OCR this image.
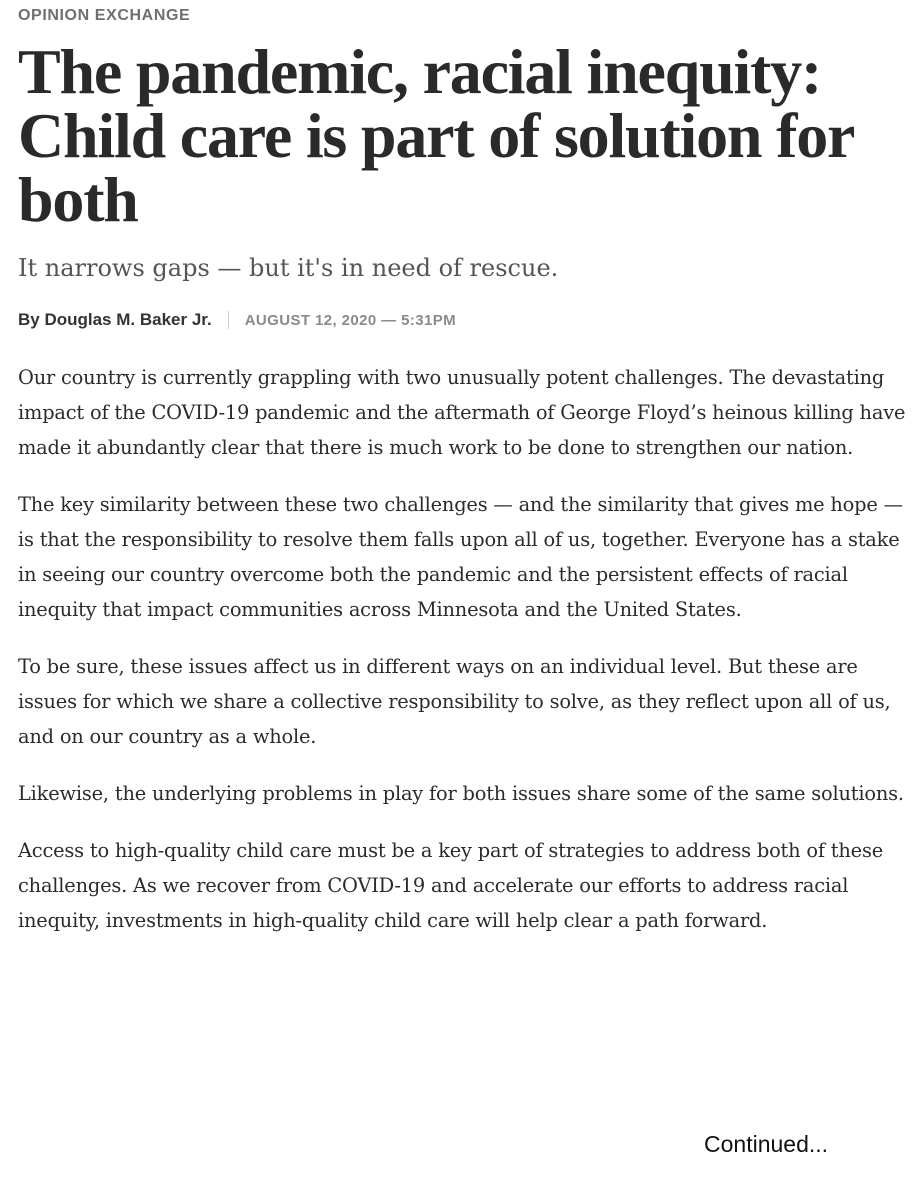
OPINION EXCHANGE
The pandemic, racial inequity: Child care is part of solution for both
It narrows gaps — but it's in need of rescue.
By Douglas M. Baker Jr. AUGUST 12, 2020 — 5:31PM

Our country is currently grappling with two unusually potent challenges. The devastating impact of the COVID-19 pandemic and the aftermath of George Floyd’s heinous killing have made it abundantly clear that there is much work to be done to strengthen our nation.

The key similarity between these two challenges — and the similarity that gives me hope — is that the responsibility to resolve them falls upon all of us, together. Everyone has a stake in seeing our country overcome both the pandemic and the persistent effects of racial inequity that impact communities across Minnesota and the United States.

To be sure, these issues affect us in different ways on an individual level. But these are issues for which we share a collective responsibility to solve, as they reflect upon all of us, and on our country as a whole.

Likewise, the underlying problems in play for both issues share some of the same solutions.

Access to high-quality child care must be a key part of strategies to address both of these challenges. As we recover from COVID-19 and accelerate our efforts to address racial inequity, investments in high-quality child care will help clear a path forward.

Continued...
